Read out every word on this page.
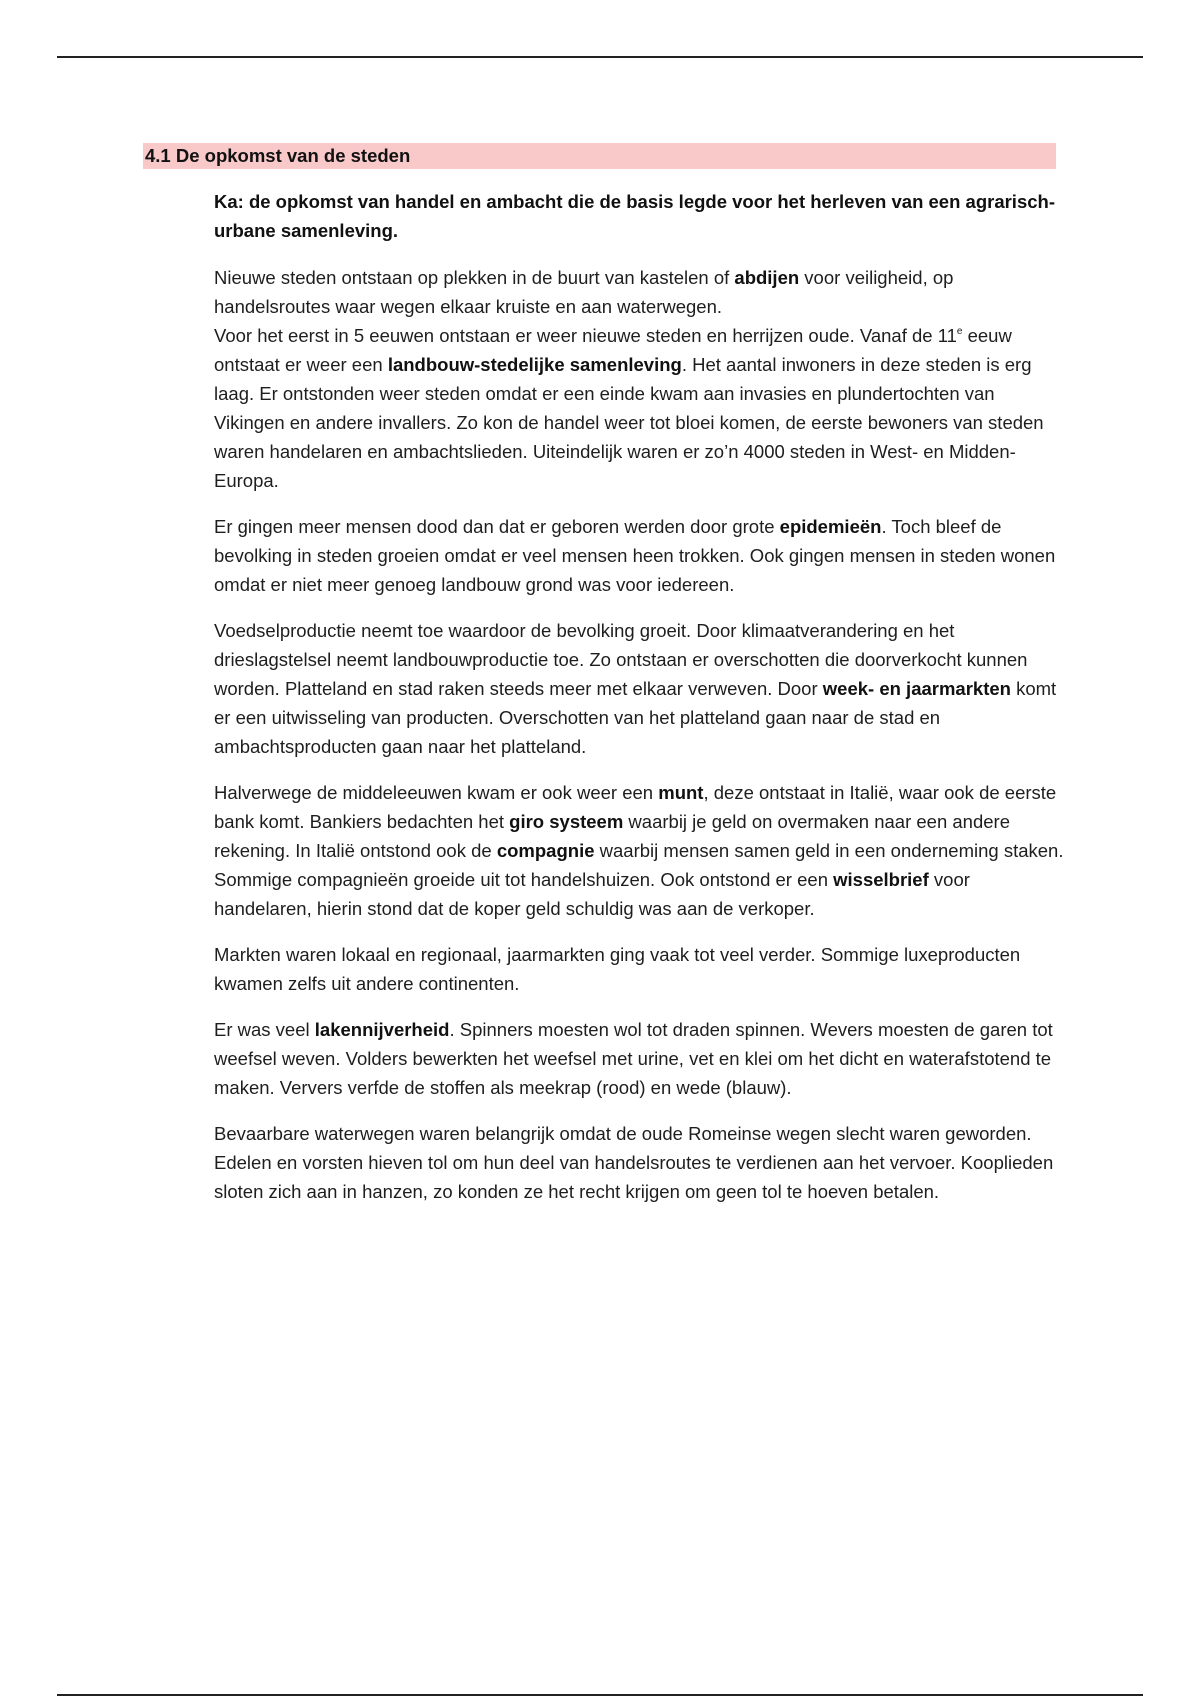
4.1 De opkomst van de steden

Ka: de opkomst van handel en ambacht die de basis legde voor het herleven van een agrarisch-urbane samenleving.

Nieuwe steden ontstaan op plekken in de buurt van kastelen of abdijen voor veiligheid, op handelsroutes waar wegen elkaar kruiste en aan waterwegen.

Voor het eerst in 5 eeuwen ontstaan er weer nieuwe steden en herrijzen oude. Vanaf de 11e eeuw ontstaat er weer een landbouw-stedelijke samenleving. Het aantal inwoners in deze steden is erg laag. Er ontstonden weer steden omdat er een einde kwam aan invasies en plundertochten van Vikingen en andere invallers. Zo kon de handel weer tot bloei komen, de eerste bewoners van steden waren handelaren en ambachtslieden. Uiteindelijk waren er zo’n 4000 steden in West- en Midden-Europa.

Er gingen meer mensen dood dan dat er geboren werden door grote epidemieën. Toch bleef de bevolking in steden groeien omdat er veel mensen heen trokken. Ook gingen mensen in steden wonen omdat er niet meer genoeg landbouw grond was voor iedereen.

Voedselproductie neemt toe waardoor de bevolking groeit. Door klimaatverandering en het drieslagstelsel neemt landbouwproductie toe. Zo ontstaan er overschotten die doorverkocht kunnen worden. Platteland en stad raken steeds meer met elkaar verweven. Door week- en jaarmarkten komt er een uitwisseling van producten. Overschotten van het platteland gaan naar de stad en ambachtsproducten gaan naar het platteland.

Halverwege de middeleeuwen kwam er ook weer een munt, deze ontstaat in Italië, waar ook de eerste bank komt. Bankiers bedachten het giro systeem waarbij je geld on overmaken naar een andere rekening. In Italië ontstond ook de compagnie waarbij mensen samen geld in een onderneming staken. Sommige compagnieën groeide uit tot handelshuizen. Ook ontstond er een wisselbrief voor handelaren, hierin stond dat de koper geld schuldig was aan de verkoper.

Markten waren lokaal en regionaal, jaarmarkten ging vaak tot veel verder. Sommige luxeproducten kwamen zelfs uit andere continenten.

Er was veel lakennijverheid. Spinners moesten wol tot draden spinnen. Wevers moesten de garen tot weefsel weven. Volders bewerkten het weefsel met urine, vet en klei om het dicht en waterafstotend te maken. Ververs verfde de stoffen als meekrap (rood) en wede (blauw).

Bevaarbare waterwegen waren belangrijk omdat de oude Romeinse wegen slecht waren geworden. Edelen en vorsten hieven tol om hun deel van handelsroutes te verdienen aan het vervoer. Kooplieden sloten zich aan in hanzen, zo konden ze het recht krijgen om geen tol te hoeven betalen.
